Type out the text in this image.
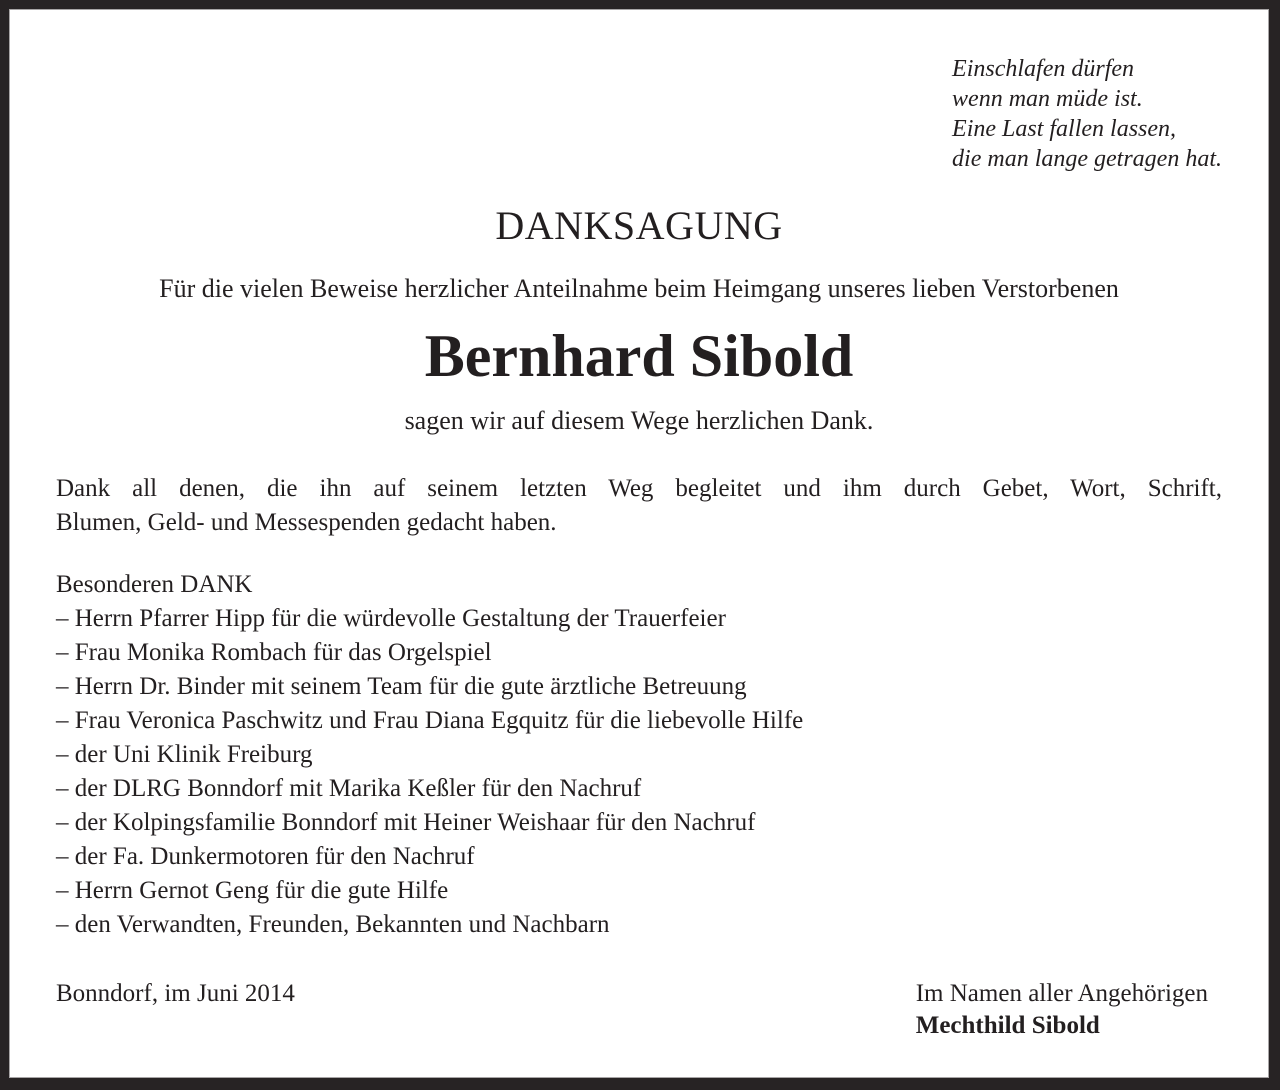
Einschlafen dürfen
wenn man müde ist.
Eine Last fallen lassen,
die man lange getragen hat.
DANKSAGUNG

Für die vielen Beweise herzlicher Anteilnahme beim Heimgang unseres lieben Verstorbenen

Bernhard Sibold

sagen wir auf diesem Wege herzlichen Dank.

Dank all denen, die ihn auf seinem letzten Weg begleitet und ihm durch Gebet, Wort, Schrift,
Blumen, Geld- und Messespenden gedacht haben.

Besonderen DANK

– Herrn Pfarrer Hipp für die würdevolle Gestaltung der Trauerfeier
– Frau Monika Rombach für das Orgelspiel
– Herrn Dr. Binder mit seinem Team für die gute ärztliche Betreuung
– Frau Veronica Paschwitz und Frau Diana Egquitz für die liebevolle Hilfe
– der Uni Klinik Freiburg
– der DLRG Bonndorf mit Marika Keßler für den Nachruf
– der Kolpingsfamilie Bonndorf mit Heiner Weishaar für den Nachruf
– der Fa. Dunkermotoren für den Nachruf
– Herrn Gernot Geng für die gute Hilfe
– den Verwandten, Freunden, Bekannten und Nachbarn
Bonndorf, im Juni 2014	Im Namen aller Angehörigen
Mechthild Sibold
